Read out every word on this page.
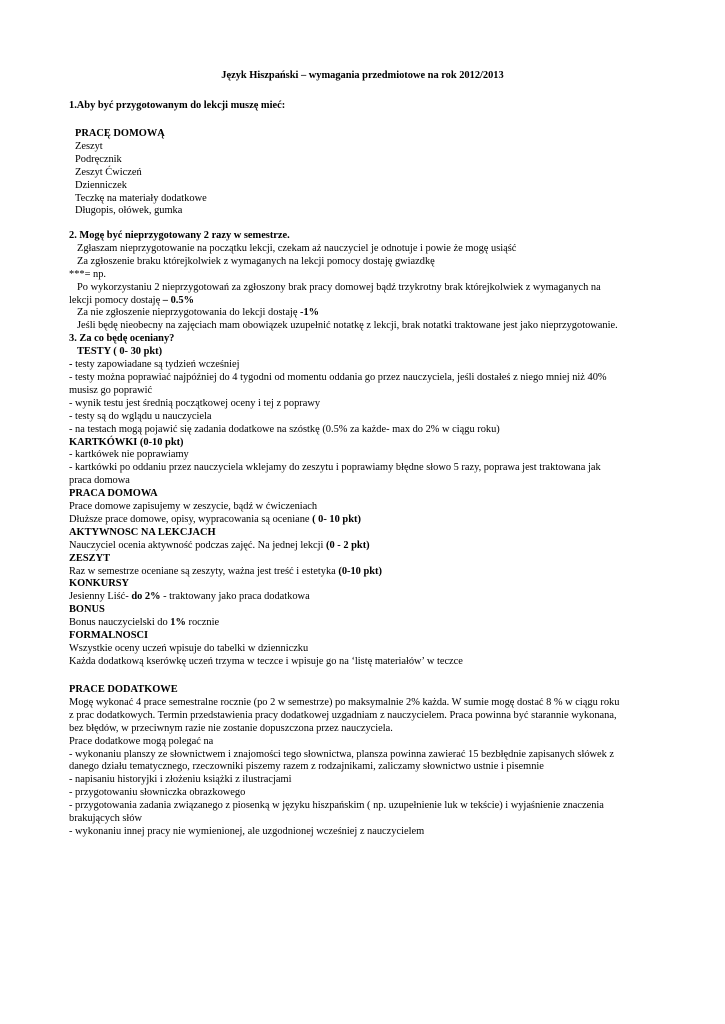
Język Hiszpański – wymagania przedmiotowe na rok 2012/2013
1.Aby być przygotowanym do lekcji muszę mieć:
PRACĘ DOMOWĄ
Zeszyt
Podręcznik
Zeszyt Ćwiczeń
Dzienniczek
Teczkę na materiały dodatkowe
Długopis, ołówek, gumka
2. Mogę być nieprzygotowany 2 razy w semestrze.
Zgłaszam nieprzygotowanie na początku lekcji, czekam aż nauczyciel je odnotuje i powie że mogę usiąść
Za zgłoszenie braku którejkolwiek z wymaganych na lekcji pomocy dostaję gwiazdkę
***= np.
Po wykorzystaniu 2 nieprzygotowań za zgłoszony brak pracy domowej bądź trzykrotny brak którejkolwiek z wymaganych na
lekcji pomocy dostaję – 0.5%
Za nie zgłoszenie nieprzygotowania do lekcji dostaję -1%
Jeśli będę nieobecny na zajęciach mam obowiązek uzupełnić notatkę z lekcji, brak notatki traktowane jest jako nieprzygotowanie.
3. Za co będę oceniany?
TESTY ( 0- 30 pkt)
- testy zapowiadane są tydzień wcześniej
- testy można poprawiać najpóźniej do 4 tygodni od momentu oddania go przez nauczyciela, jeśli dostałeś z niego mniej niż 40%
musisz go poprawić
- wynik testu jest średnią początkowej oceny i tej z poprawy
- testy są do wglądu u nauczyciela
- na testach mogą pojawić się zadania dodatkowe na szóstkę (0.5% za każde- max do 2% w ciągu roku)
KARTKÓWKI (0-10 pkt)
- kartkówek nie poprawiamy
- kartkówki po oddaniu przez nauczyciela wklejamy do zeszytu i poprawiamy błędne słowo 5 razy, poprawa jest traktowana jak
praca domowa
PRACA DOMOWA
Prace domowe zapisujemy w zeszycie, bądź w ćwiczeniach
Dłuższe prace domowe, opisy, wypracowania są oceniane ( 0- 10 pkt)
AKTYWNOSC NA LEKCJACH
Nauczyciel ocenia aktywność podczas zajęć. Na jednej lekcji (0 - 2 pkt)
ZESZYT
Raz w semestrze oceniane są zeszyty, ważna jest treść i estetyka (0-10 pkt)
KONKURSY
Jesienny Liść- do 2% - traktowany jako praca dodatkowa
BONUS
Bonus nauczycielski do 1% rocznie
FORMALNOSCI
Wszystkie oceny uczeń wpisuje do tabelki w dzienniczku
Każda dodatkową kserówkę uczeń trzyma w teczce i wpisuje go na ‘listę materiałów’ w teczce
PRACE DODATKOWE
Mogę wykonać 4 prace semestralne rocznie (po 2 w semestrze) po maksymalnie 2% każda. W sumie mogę dostać 8 % w ciągu roku
z prac dodatkowych. Termin przedstawienia pracy dodatkowej uzgadniam z nauczycielem. Praca powinna być starannie wykonana,
bez błędów, w przeciwnym razie nie zostanie dopuszczona przez nauczyciela.
Prace dodatkowe mogą polegać na
- wykonaniu planszy ze słownictwem i znajomości tego słownictwa, plansza powinna zawierać 15 bezbłędnie zapisanych słówek z
danego działu tematycznego, rzeczowniki piszemy razem z rodzajnikami, zaliczamy słownictwo ustnie i pisemnie
- napisaniu historyjki i złożeniu książki z ilustracjami
- przygotowaniu słowniczka obrazkowego
- przygotowania zadania związanego z piosenką w języku hiszpańskim ( np. uzupełnienie luk w tekście) i wyjaśnienie znaczenia
brakujących słów
- wykonaniu innej pracy nie wymienionej, ale uzgodnionej wcześniej z nauczycielem
